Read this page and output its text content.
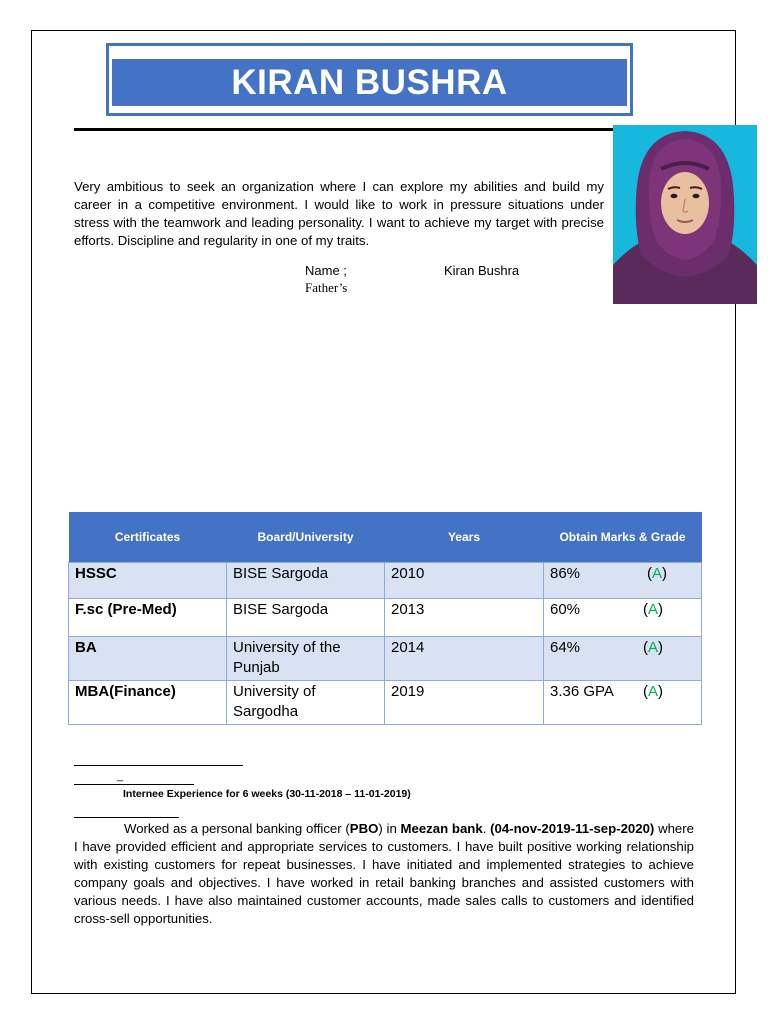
KIRAN BUSHRA
Very ambitious to seek an organization where I can explore my abilities and build my career in a competitive environment. I would like to work in pressure situations under stress with the teamwork and leading personality. I want to achieve my target with precise efforts. Discipline and regularity in one of my traits.
Name ;	Kiran Bushra
Father’s
Certificates	Board/University	Years	Obtain Marks & Grade
HSSC	BISE Sargoda	2010	86% (A)

F.sc (Pre-Med)	BISE Sargoda	2013	60% (A)

BA	University of the Punjab	2014	64% (A)

MBA(Finance)	University of Sargodha	2019	3.36 GPA (A)
_
Internee Experience for 6 weeks (30-11-2018 – 11-01-2019)
Worked as a personal banking officer (PBO) in Meezan bank. (04-nov-2019-11-sep-2020) where I have provided efficient and appropriate services to customers. I have built positive working relationship with existing customers for repeat businesses. I have initiated and implemented strategies to achieve company goals and objectives. I have worked in retail banking branches and assisted customers with various needs. I have also maintained customer accounts, made sales calls to customers and identified cross-sell opportunities.
